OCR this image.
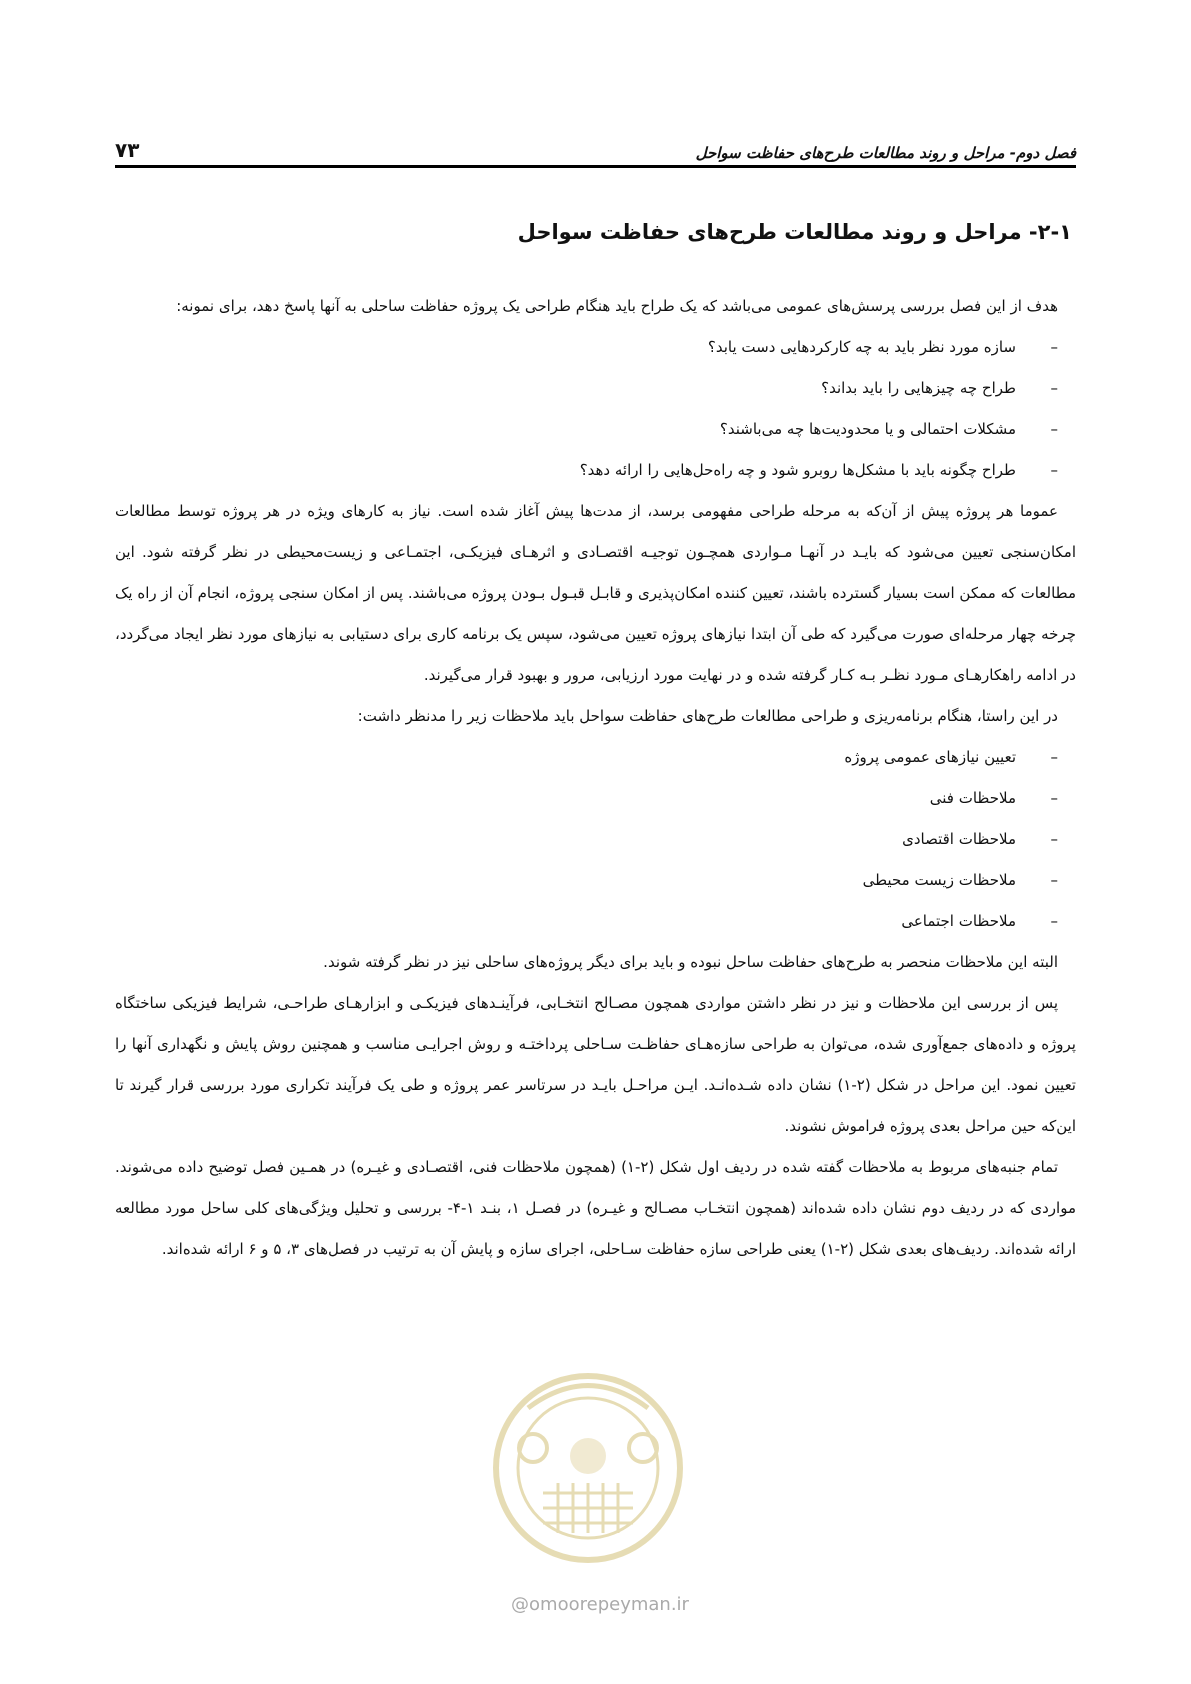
فصل دوم- مراحل و روند مطالعات طرح‌های حفاظت سواحل
۷۳
۲-۱- مراحل و روند مطالعات طرح‌های حفاظت سواحل

هدف از این فصل بررسی پرسش‌های عمومی می‌باشد که یک طراح باید هنگام طراحی یک پروژه حفاظت ساحلی به آنها پاسخ دهد، برای نمونه:

–
سازه مورد نظر باید به چه کارکردهایی دست یابد؟
–
طراح چه چیزهایی را باید بداند؟
–
مشکلات احتمالی و یا محدودیت‌ها چه می‌باشند؟
–
طراح چگونه باید با مشکل‌ها روبرو شود و چه راه‌حل‌هایی را ارائه دهد؟

عموما هر پروژه پیش از آن‌که به مرحله طراحی مفهومی برسد، از مدت‌ها پیش آغاز شده است. نیاز به کارهای ویژه در هر پروژه توسط مطالعات امکان‌سنجی تعیین می‌شود که بایـد در آنهـا مـواردی همچـون توجیـه اقتصـادی و اثرهـای فیزیکـی، اجتمـاعی و زیست‌محیطی در نظر گرفته شود. این مطالعات که ممکن است بسیار گسترده باشند، تعیین کننده امکان‌پذیری و قابـل قبـول بـودن پروژه می‌باشند. پس از امکان سنجی پروژه، انجام آن از راه یک چرخه چهار مرحله‌ای صورت می‌گیرد که طی آن ابتدا نیازهای پروژه تعیین می‌شود، سپس یک برنامه کاری برای دستیابی به نیازهای مورد نظر ایجاد می‌گردد، در ادامه راهکارهـای مـورد نظـر بـه کـار گرفته شده و در نهایت مورد ارزیابی، مرور و بهبود قرار می‌گیرند.

در این راستا، هنگام برنامه‌ریزی و طراحی مطالعات طرح‌های حفاظت سواحل باید ملاحظات زیر را مدنظر داشت:

–
تعیین نیازهای عمومی پروژه
–
ملاحظات فنی
–
ملاحظات اقتصادی
–
ملاحظات زیست محیطی
–
ملاحظات اجتماعی

البته این ملاحظات منحصر به طرح‌های حفاظت ساحل نبوده و باید برای دیگر پروژه‌های ساحلی نیز در نظر گرفته شوند.

پس از بررسی این ملاحظات و نیز در نظر داشتن مواردی همچون مصـالح انتخـابی، فرآینـدهای فیزیکـی و ابزارهـای طراحـی، شرایط فیزیکی ساختگاه پروژه و داده‌های جمع‌آوری شده، می‌توان به طراحی سازه‌هـای حفاظـت سـاحلی پرداختـه و روش اجرایـی مناسب و همچنین روش پایش و نگهداری آنها را تعیین نمود. این مراحل در شکل (۲-۱) نشان داده شـده‌انـد. ایـن مراحـل بایـد در سرتاسر عمر پروژه و طی یک فرآیند تکراری مورد بررسی قرار گیرند تا این‌که حین مراحل بعدی پروژه فراموش نشوند.

تمام جنبه‌های مربوط به ملاحظات گفته شده در ردیف اول شکل (۲-۱) (همچون ملاحظات فنی، اقتصـادی و غیـره) در همـین فصل توضیح داده می‌شوند. مواردی که در ردیف دوم نشان داده شده‌اند (همچون انتخـاب مصـالح و غیـره) در فصـل ۱، بنـد ۱-۴- بررسی و تحلیل ویژگی‌های کلی ساحل مورد مطالعه ارائه شده‌اند. ردیف‌های بعدی شکل (۲-۱) یعنی طراحی سازه حفاظت سـاحلی، اجرای سازه و پایش آن به ترتیب در فصل‌های ۳، ۵ و ۶ ارائه شده‌اند.

@omoorepeyman.ir
